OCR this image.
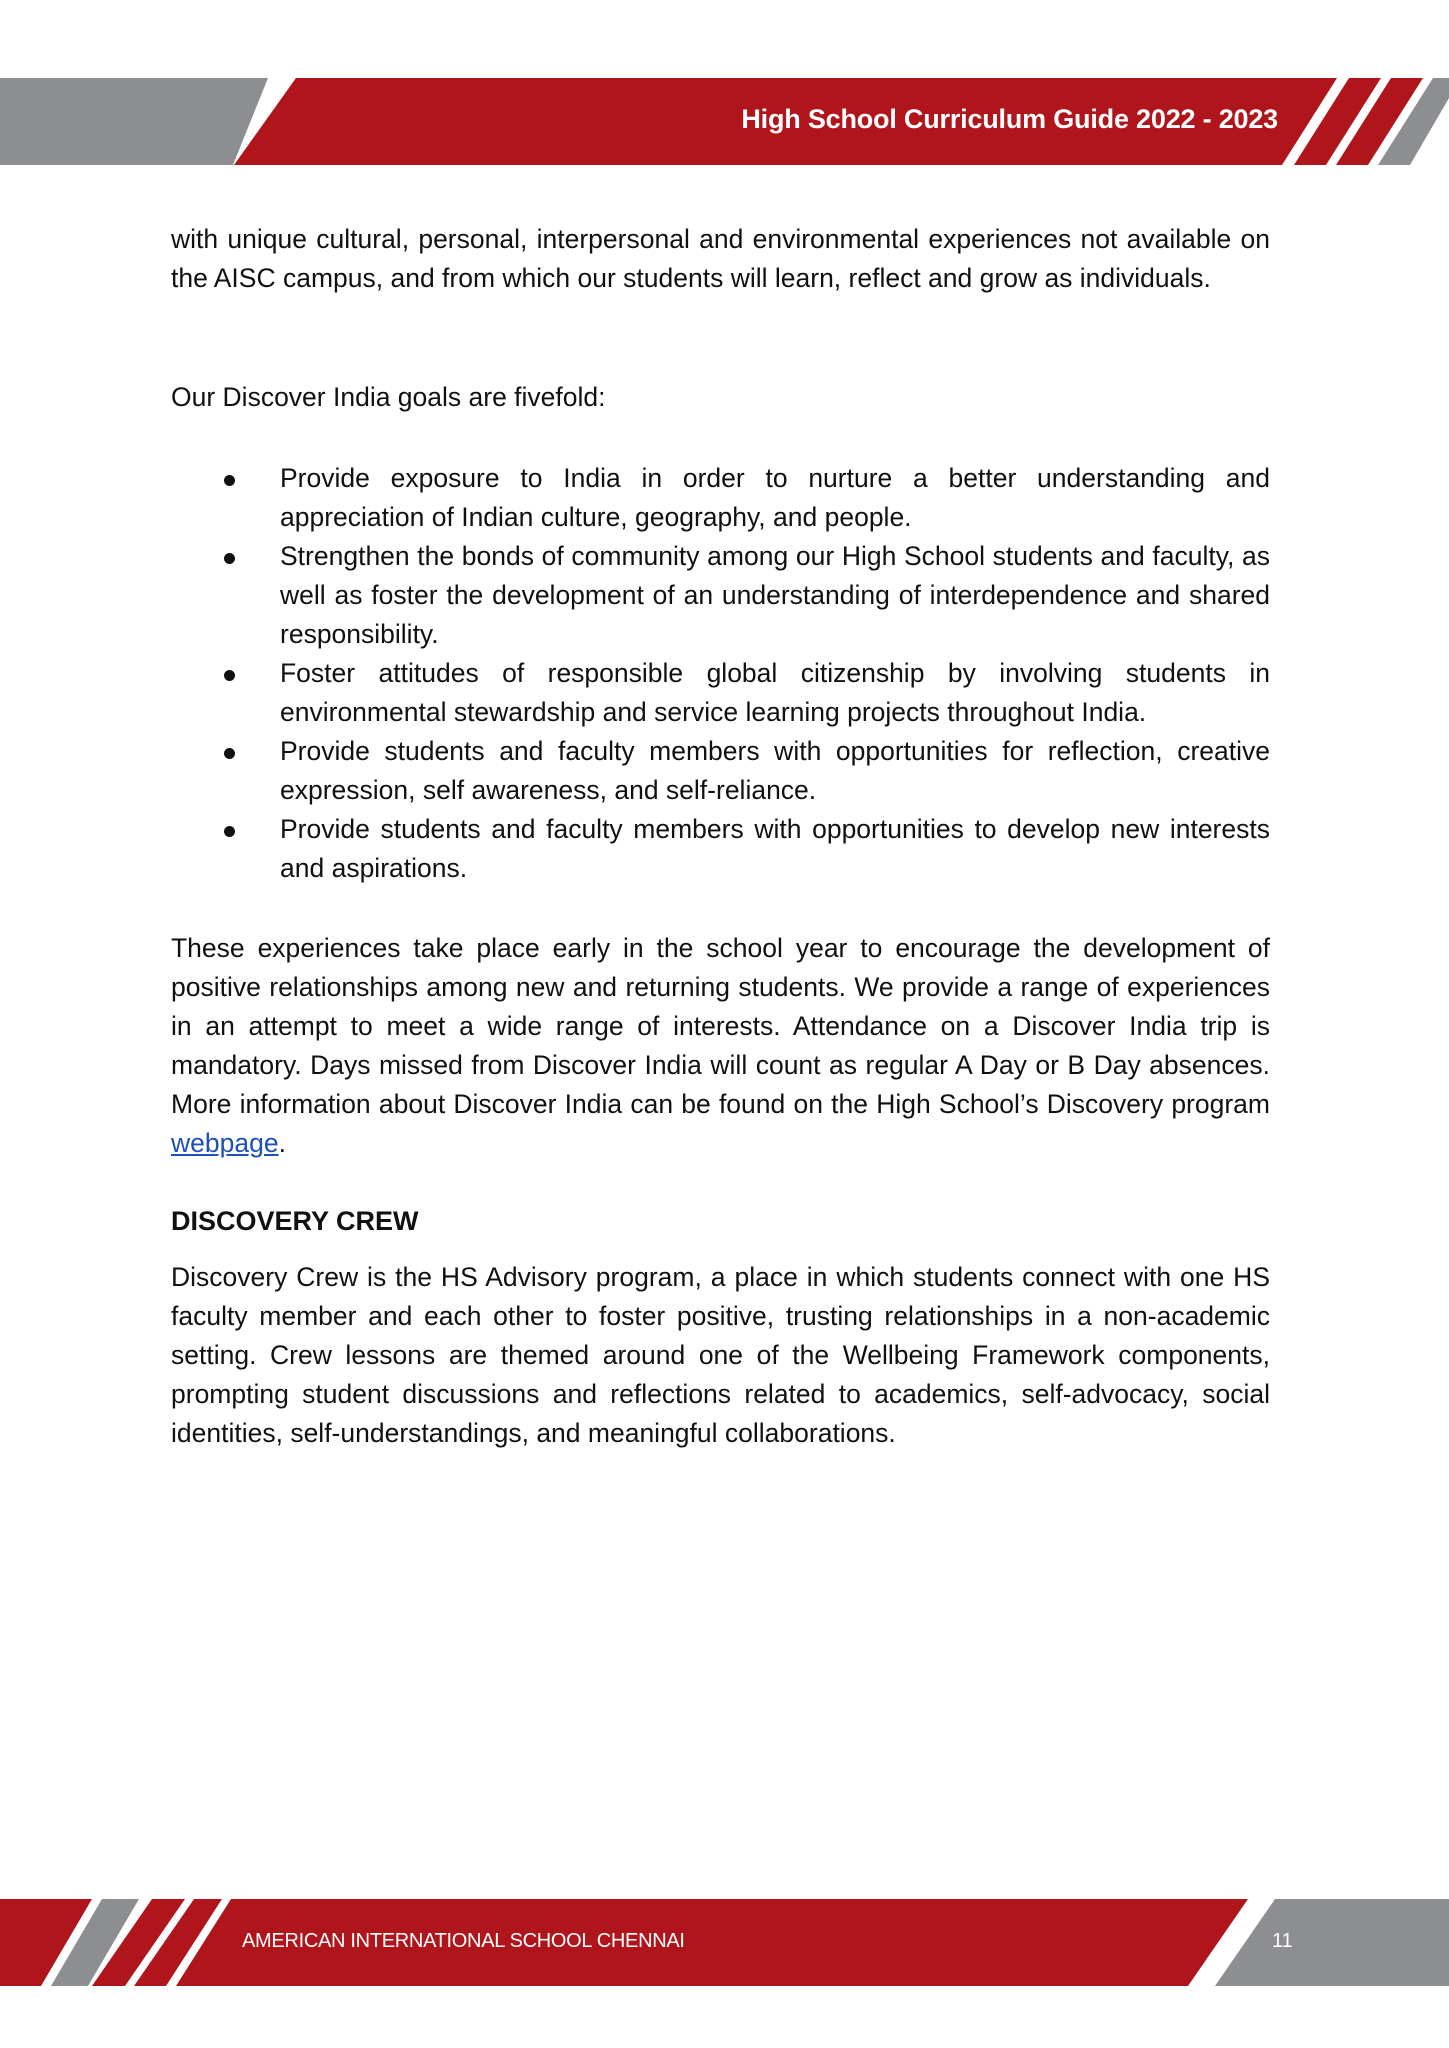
High School Curriculum Guide 2022 - 2023
with unique cultural, personal, interpersonal and environmental experiences not available on the AISC campus, and from which our students will learn, reflect and grow as individuals.
Our Discover India goals are fivefold:
Provide exposure to India in order to nurture a better understanding and appreciation of Indian culture, geography, and people.
Strengthen the bonds of community among our High School students and faculty, as well as foster the development of an understanding of interdependence and shared responsibility.
Foster attitudes of responsible global citizenship by involving students in environmental stewardship and service learning projects throughout India.
Provide students and faculty members with opportunities for reflection, creative expression, self awareness, and self-reliance.
Provide students and faculty members with opportunities to develop new interests and aspirations.
These experiences take place early in the school year to encourage the development of positive relationships among new and returning students. We provide a range of experiences in an attempt to meet a wide range of interests. Attendance on a Discover India trip is mandatory. Days missed from Discover India will count as regular A Day or B Day absences. More information about Discover India can be found on the High School’s Discovery program webpage.
DISCOVERY CREW
Discovery Crew is the HS Advisory program, a place in which students connect with one HS faculty member and each other to foster positive, trusting relationships in a non-academic setting. Crew lessons are themed around one of the Wellbeing Framework components, prompting student discussions and reflections related to academics, self-advocacy, social identities, self-understandings, and meaningful collaborations.
AMERICAN INTERNATIONAL SCHOOL CHENNAI	11
